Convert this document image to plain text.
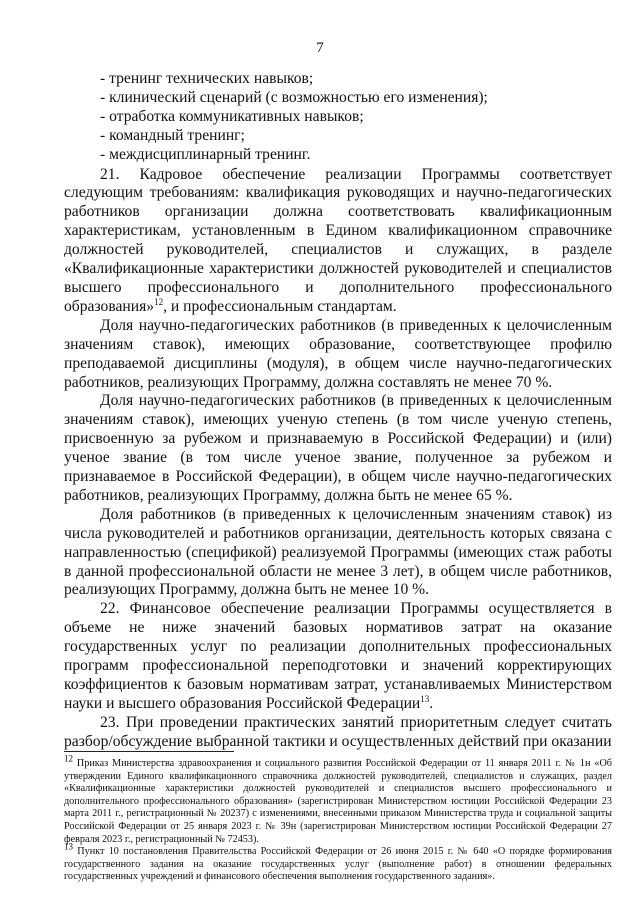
7
- тренинг технических навыков;
- клинический сценарий (с возможностью его изменения);
- отработка коммуникативных навыков;
- командный тренинг;
- междисциплинарный тренинг.

21. Кадровое обеспечение реализации Программы соответствует следующим требованиям: квалификация руководящих и научно-педагогических работников организации должна соответствовать квалификационным характеристикам, установленным в Едином квалификационном справочнике должностей руководителей, специалистов и служащих, в разделе «Квалификационные характеристики должностей руководителей и специалистов высшего профессионального и дополнительного профессионального образования»$^{12}$, и профессиональным стандартам.

Доля научно-педагогических работников (в приведенных к целочисленным значениям ставок), имеющих образование, соответствующее профилю преподаваемой дисциплины (модуля), в общем числе научно-педагогических работников, реализующих Программу, должна составлять не менее 70 %.

Доля научно-педагогических работников (в приведенных к целочисленным значениям ставок), имеющих ученую степень (в том числе ученую степень, присвоенную за рубежом и признаваемую в Российской Федерации) и (или) ученое звание (в том числе ученое звание, полученное за рубежом и признаваемое в Российской Федерации), в общем числе научно-педагогических работников, реализующих Программу, должна быть не менее 65 %.

Доля работников (в приведенных к целочисленным значениям ставок) из числа руководителей и работников организации, деятельность которых связана с направленностью (спецификой) реализуемой Программы (имеющих стаж работы в данной профессиональной области не менее 3 лет), в общем числе работников, реализующих Программу, должна быть не менее 10 %.

22. Финансовое обеспечение реализации Программы осуществляется в объеме не ниже значений базовых нормативов затрат на оказание государственных услуг по реализации дополнительных профессиональных программ профессиональной переподготовки и значений корректирующих коэффициентов к базовым нормативам затрат, устанавливаемых Министерством науки и высшего образования Российской Федерации$^{13}$.

23. При проведении практических занятий приоритетным следует считать разбор/обсуждение выбранной тактики и осуществленных действий при оказании

$^{12}$ Приказ Министерства здравоохранения и социального развития Российской Федерации от 11 января 2011 г. № 1н «Об утверждении Единого квалификационного справочника должностей руководителей, специалистов и служащих, раздел «Квалификационные характеристики должностей руководителей и специалистов высшего профессионального и дополнительного профессионального образования» (зарегистрирован Министерством юстиции Российской Федерации 23 марта 2011 г., регистрационный № 20237) с изменениями, внесенными приказом Министерства труда и социальной защиты Российской Федерации от 25 января 2023 г. № 39н (зарегистрирован Министерством юстиции Российской Федерации 27 февраля 2023 г., регистрационный № 72453).

$^{13}$ Пункт 10 постановления Правительства Российской Федерации от 26 июня 2015 г. № 640 «О порядке формирования государственного задания на оказание государственных услуг (выполнение работ) в отношении федеральных государственных учреждений и финансового обеспечения выполнения государственного задания».
